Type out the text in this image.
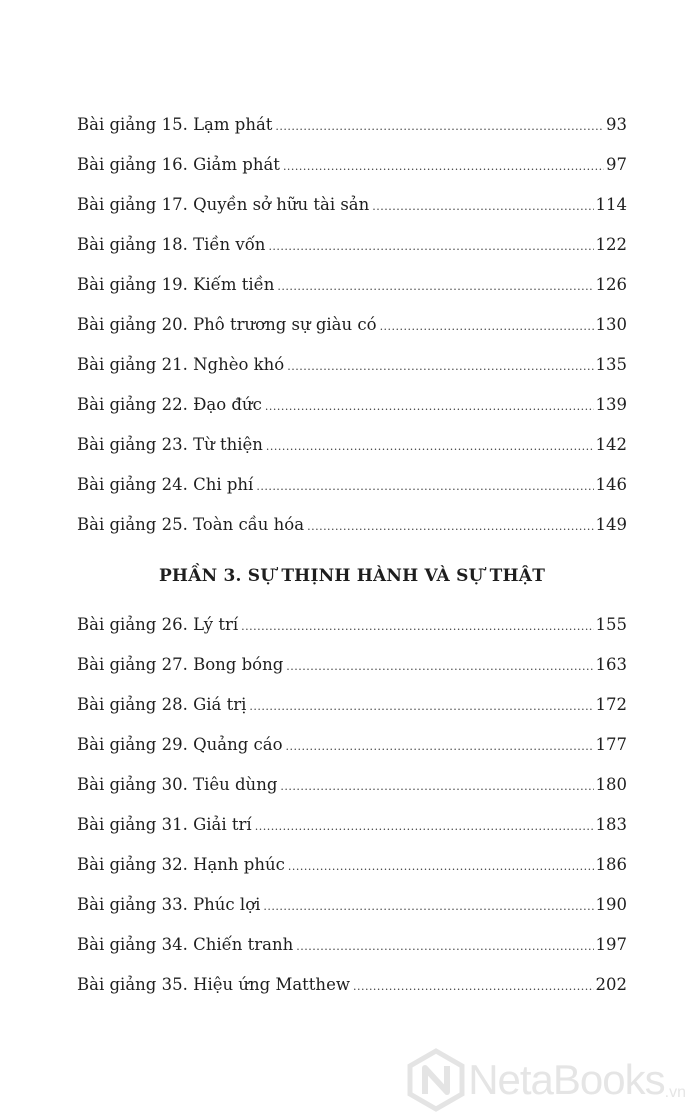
Bài giảng 15. Lạm phát .....	93
Bài giảng 16. Giảm phát .....	97
Bài giảng 17. Quyền sở hữu tài sản .....	114
Bài giảng 18. Tiền vốn .....	122
Bài giảng 19. Kiếm tiền .....	126
Bài giảng 20. Phô trương sự giàu có .....	130
Bài giảng 21. Nghèo khó .....	135
Bài giảng 22. Đạo đức .....	139
Bài giảng 23. Từ thiện .....	142
Bài giảng 24. Chi phí .....	146
Bài giảng 25. Toàn cầu hóa .....	149
PHẦN 3. SỰ THỊNH HÀNH VÀ SỰ THẬT
Bài giảng 26. Lý trí .....	155
Bài giảng 27. Bong bóng .....	163
Bài giảng 28. Giá trị .....	172
Bài giảng 29. Quảng cáo .....	177
Bài giảng 30. Tiêu dùng .....	180
Bài giảng 31. Giải trí .....	183
Bài giảng 32. Hạnh phúc .....	186
Bài giảng 33. Phúc lợi .....	190
Bài giảng 34. Chiến tranh .....	197
Bài giảng 35. Hiệu ứng Matthew .....	202
NetaBooks .vn
